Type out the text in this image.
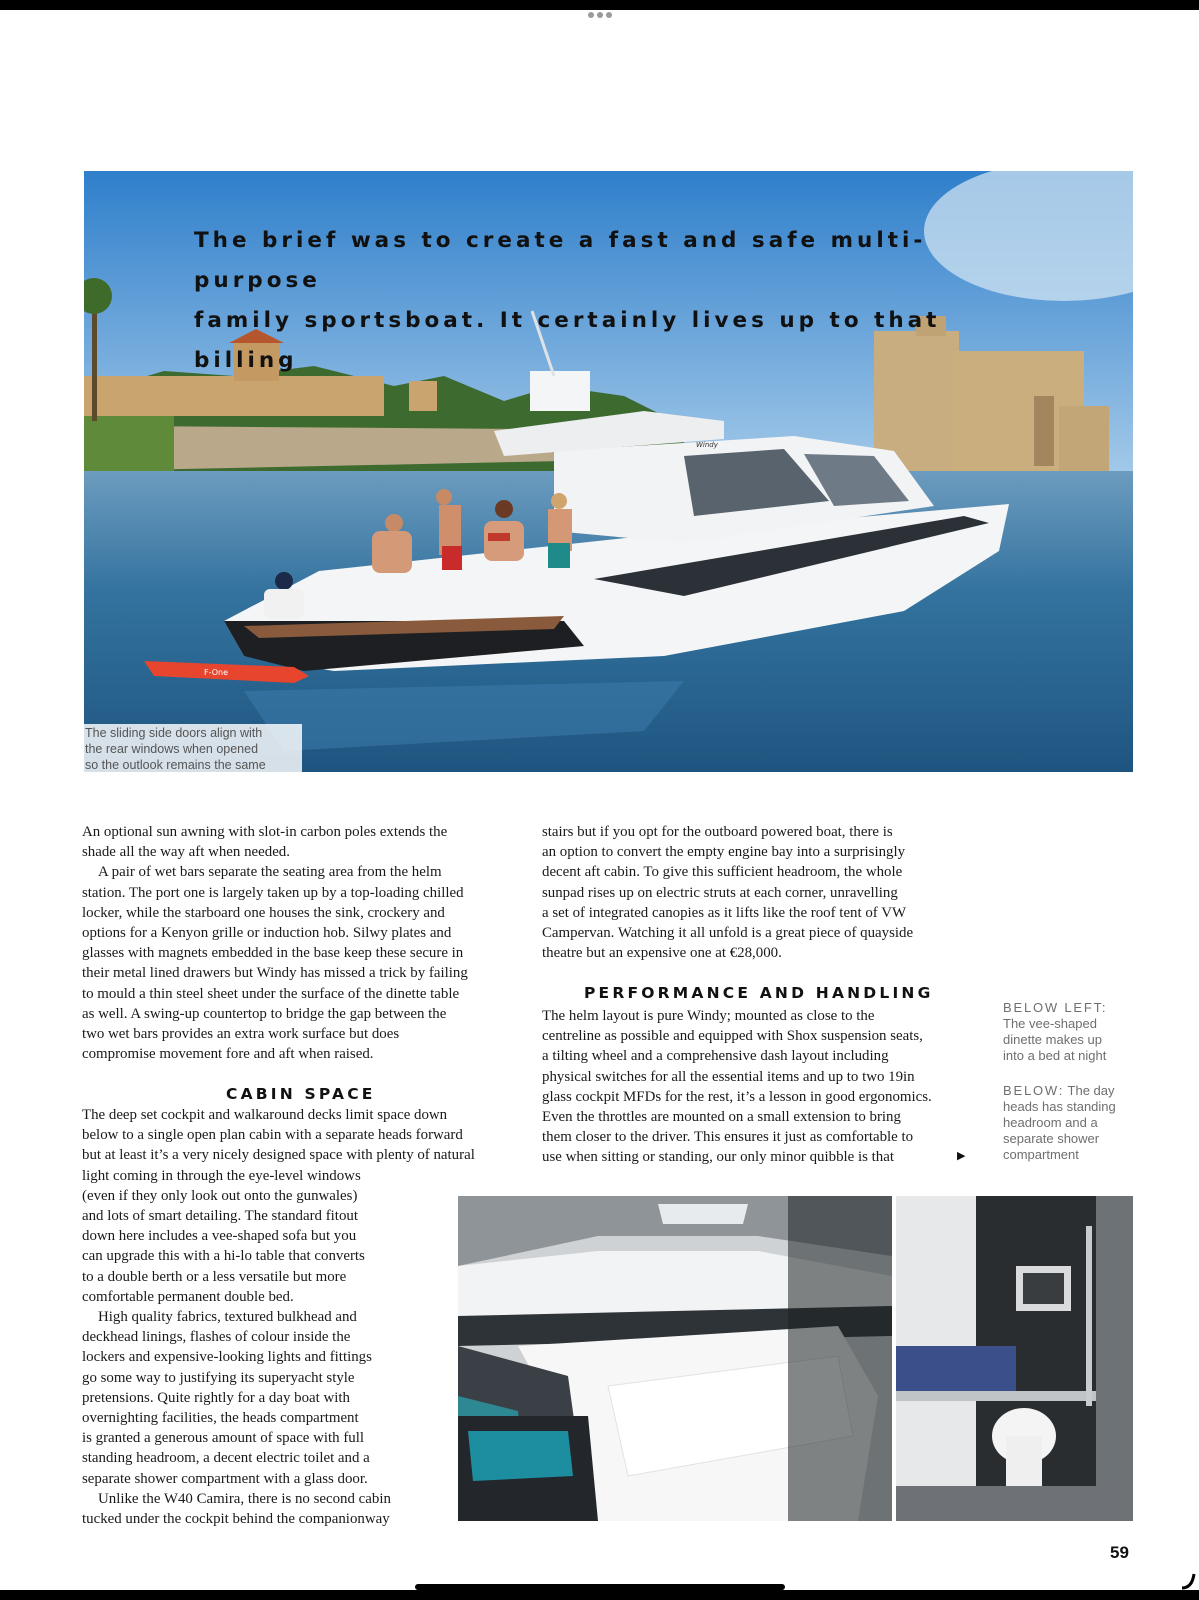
F-One
Windy

The brief was to create a fast and safe multi-purpose
family sportsboat. It certainly lives up to that billing

The sliding side doors align with
the rear windows when opened
so the outlook remains the same

An optional sun awning with slot-in carbon poles extends the
shade all the way aft when needed.

A pair of wet bars separate the seating area from the helm
station. The port one is largely taken up by a top-loading chilled
locker, while the starboard one houses the sink, crockery and
options for a Kenyon grille or induction hob. Silwy plates and
glasses with magnets embedded in the base keep these secure in
their metal lined drawers but Windy has missed a trick by failing
to mould a thin steel sheet under the surface of the dinette table
as well. A swing-up countertop to bridge the gap between the
two wet bars provides an extra work surface but does
compromise movement fore and aft when raised.

CABIN SPACE

The deep set cockpit and walkaround decks limit space down
below to a single open plan cabin with a separate heads forward
but at least it’s a very nicely designed space with plenty of natural
light coming in through the eye-level windows
(even if they only look out onto the gunwales)
and lots of smart detailing. The standard fitout
down here includes a vee-shaped sofa but you
can upgrade this with a hi-lo table that converts
to a double berth or a less versatile but more
comfortable permanent double bed.

High quality fabrics, textured bulkhead and
deckhead linings, flashes of colour inside the
lockers and expensive-looking lights and fittings
go some way to justifying its superyacht style
pretensions. Quite rightly for a day boat with
overnighting facilities, the heads compartment
is granted a generous amount of space with full
standing headroom, a decent electric toilet and a
separate shower compartment with a glass door.

Unlike the W40 Camira, there is no second cabin
tucked under the cockpit behind the companionway

stairs but if you opt for the outboard powered boat, there is
an option to convert the empty engine bay into a surprisingly
decent aft cabin. To give this sufficient headroom, the whole
sunpad rises up on electric struts at each corner, unravelling
a set of integrated canopies as it lifts like the roof tent of VW
Campervan. Watching it all unfold is a great piece of quayside
theatre but an expensive one at €28,000.

PERFORMANCE AND HANDLING

The helm layout is pure Windy; mounted as close to the
centreline as possible and equipped with Shox suspension seats,
a tilting wheel and a comprehensive dash layout including
physical switches for all the essential items and up to two 19in
glass cockpit MFDs for the rest, it’s a lesson in good ergonomics.
Even the throttles are mounted on a small extension to bring
them closer to the driver. This ensures it just as comfortable to
use when sitting or standing, our only minor quibble is that	▶

BELOW LEFT:
The vee-shaped
dinette makes up
into a bed at night

BELOW: The day
heads has standing
headroom and a
separate shower
compartment

59
